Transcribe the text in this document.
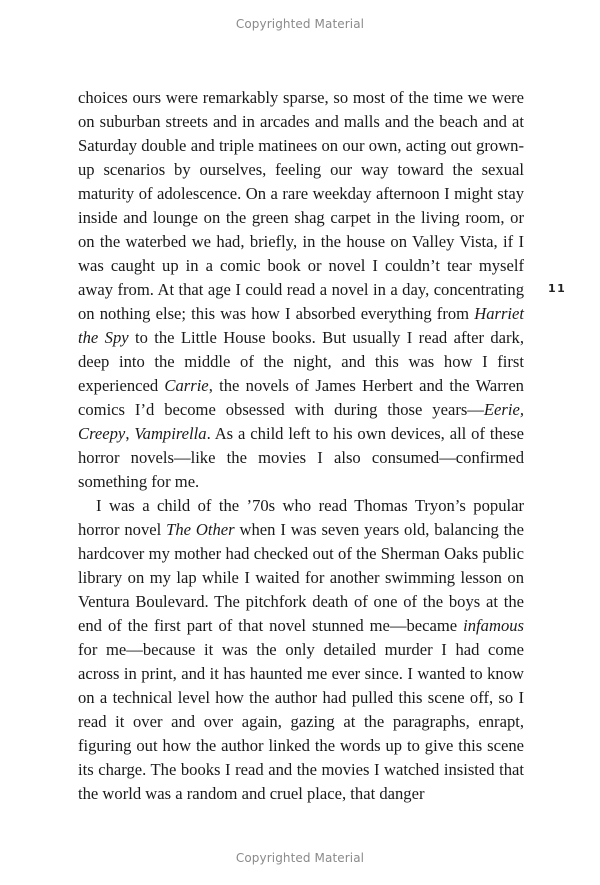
Copyrighted Material
11

choices ours were remarkably sparse, so most of the time we were on suburban streets and in arcades and malls and the beach and at Saturday double and triple matinees on our own, acting out grown-up scenarios by ourselves, feeling our way toward the sexual maturity of adolescence. On a rare weekday afternoon I might stay inside and lounge on the green shag carpet in the living room, or on the waterbed we had, briefly, in the house on Valley Vista, if I was caught up in a comic book or novel I couldn’t tear myself away from. At that age I could read a novel in a day, concentrating on nothing else; this was how I absorbed everything from Harriet the Spy to the Little House books. But usually I read after dark, deep into the middle of the night, and this was how I first experienced Carrie, the novels of James Herbert and the Warren comics I’d become obsessed with during those years—Eerie, Creepy, Vampirella. As a child left to his own devices, all of these horror novels—like the movies I also consumed—confirmed something for me.

I was a child of the ’70s who read Thomas Tryon’s popular horror novel The Other when I was seven years old, balancing the hardcover my mother had checked out of the Sherman Oaks public library on my lap while I waited for another swimming lesson on Ventura Boulevard. The pitchfork death of one of the boys at the end of the first part of that novel stunned me—became infamous for me—because it was the only detailed murder I had come across in print, and it has haunted me ever since. I wanted to know on a technical level how the author had pulled this scene off, so I read it over and over again, gazing at the paragraphs, enrapt, figuring out how the author linked the words up to give this scene its charge. The books I read and the movies I watched insisted that the world was a random and cruel place, that danger

Copyrighted Material
